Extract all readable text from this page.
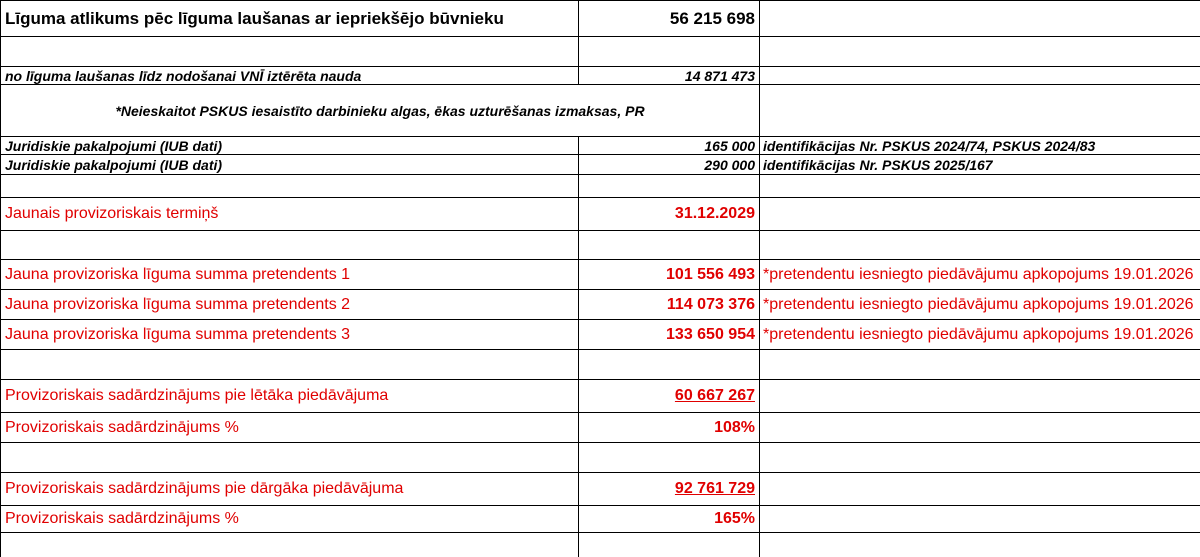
Līguma atlikums pēc līguma laušanas ar iepriekšējo būvnieku	56 215 698
no līguma laušanas līdz nodošanai VNĪ iztērēta nauda	14 871 473
*Neieskaitot PSKUS iesaistīto darbinieku algas, ēkas uzturēšanas izmaksas, PR
Juridiskie pakalpojumi (IUB dati)	165 000 identifikācijas Nr. PSKUS 2024/74, PSKUS 2024/83
Juridiskie pakalpojumi (IUB dati)	290 000 identifikācijas Nr. PSKUS 2025/167
Jaunais provizoriskais termiņš	31.12.2029
Jauna provizoriska līguma summa pretendents 1	101 556 493 *pretendentu iesniegto piedāvājumu apkopojums 19.01.2026
Jauna provizoriska līguma summa pretendents 2	114 073 376 *pretendentu iesniegto piedāvājumu apkopojums 19.01.2026
Jauna provizoriska līguma summa pretendents 3	133 650 954 *pretendentu iesniegto piedāvājumu apkopojums 19.01.2026
Provizoriskais sadārdzinājums pie lētāka piedāvājuma	60 667 267
Provizoriskais sadārdzinājums %	108%
Provizoriskais sadārdzinājums pie dārgāka piedāvājuma	92 761 729
Provizoriskais sadārdzinājums %	165%
